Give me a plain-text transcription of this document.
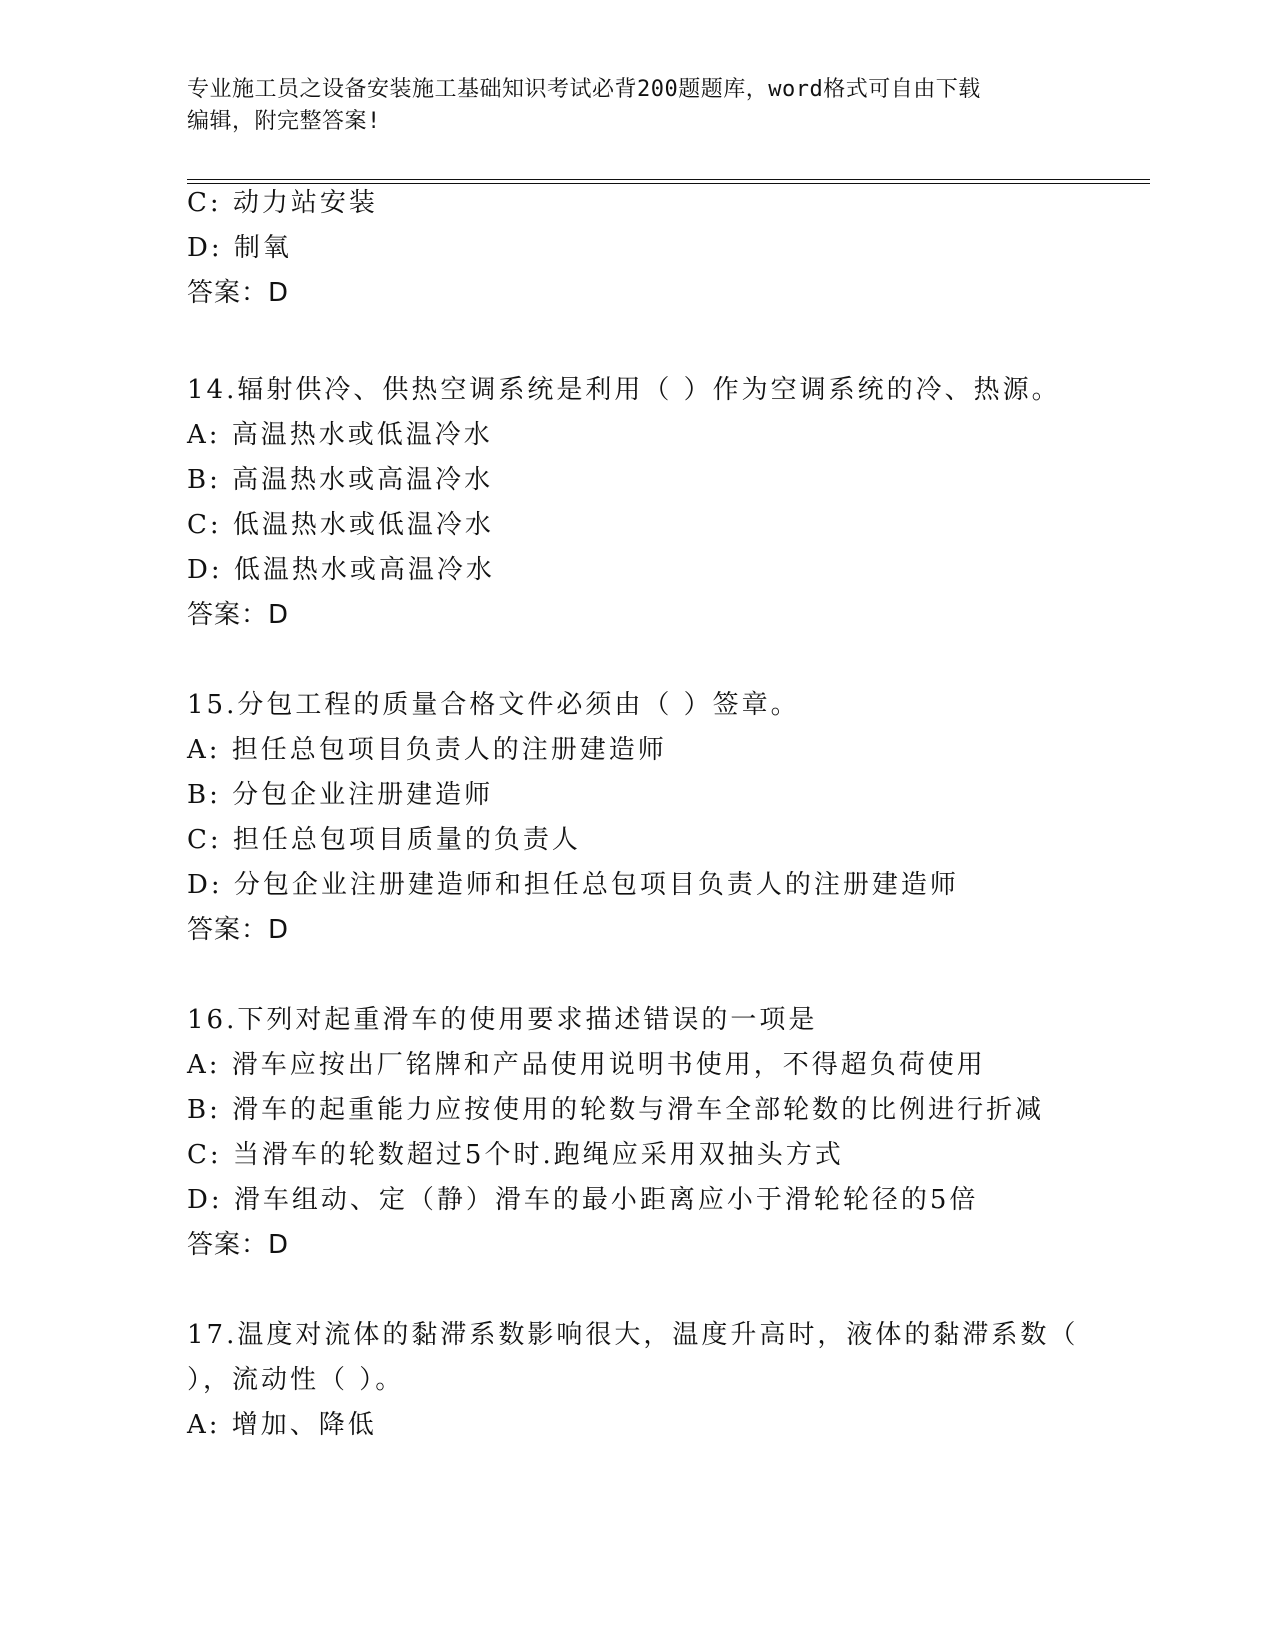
专业施工员之设备安装施工基础知识考试必背200题题库，word格式可自由下载
编辑，附完整答案!
C: 动力站安装
D: 制氧
答案：D
14.辐射供冷、供热空调系统是利用（ ）作为空调系统的冷、热源。
A: 高温热水或低温冷水
B: 高温热水或高温冷水
C: 低温热水或低温冷水
D: 低温热水或高温冷水
答案：D
15.分包工程的质量合格文件必须由（ ）签章。
A: 担任总包项目负责人的注册建造师
B: 分包企业注册建造师
C: 担任总包项目质量的负责人
D: 分包企业注册建造师和担任总包项目负责人的注册建造师
答案：D
16.下列对起重滑车的使用要求描述错误的一项是
A: 滑车应按出厂铭牌和产品使用说明书使用，不得超负荷使用
B: 滑车的起重能力应按使用的轮数与滑车全部轮数的比例进行折减
C: 当滑车的轮数超过5个时.跑绳应采用双抽头方式
D: 滑车组动、定（静）滑车的最小距离应小于滑轮轮径的5倍
答案：D
17.温度对流体的黏滞系数影响很大，温度升高时，液体的黏滞系数（
），流动性（ ）。
A: 增加、降低
